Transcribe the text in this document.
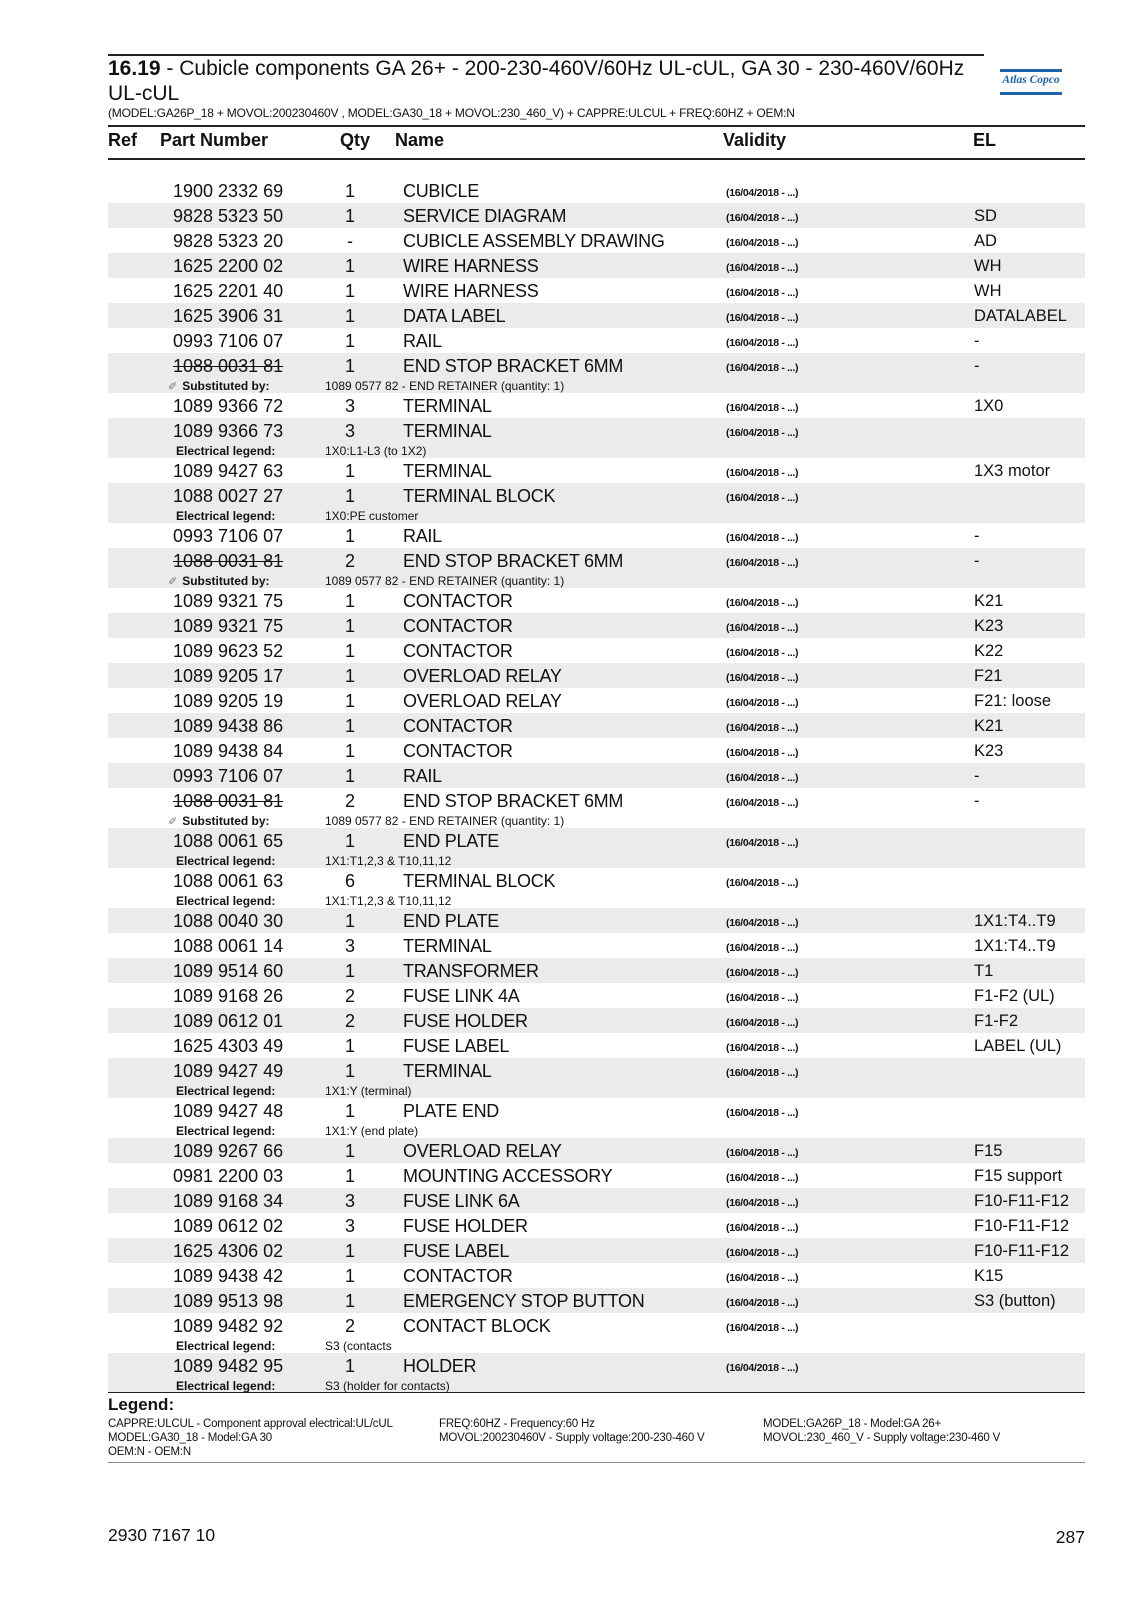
16.19 - Cubicle components GA 26+ - 200-230-460V/60Hz UL-cUL, GA 30 - 230-460V/60Hz UL-cUL
(MODEL:GA26P_18 + MOVOL:200230460V , MODEL:GA30_18 + MOVOL:230_460_V) + CAPPRE:ULCUL + FREQ:60HZ + OEM:N
Atlas Copco
Ref Part Number	Qty Name	Validity	EL
1900 2332 69	1	CUBICLE	(16/04/2018 - ...)
9828 5323 50	1	SERVICE DIAGRAM	(16/04/2018 - ...)	SD
9828 5323 20	-	CUBICLE ASSEMBLY DRAWING	(16/04/2018 - ...)	AD
1625 2200 02	1	WIRE HARNESS	(16/04/2018 - ...)	WH
1625 2201 40	1	WIRE HARNESS	(16/04/2018 - ...)	WH
1625 3906 31	1	DATA LABEL	(16/04/2018 - ...)	DATALABEL
0993 7106 07	1	RAIL	(16/04/2018 - ...)	-
1088 0031 81	1	END STOP BRACKET 6MM	(16/04/2018 - ...)	-
✐ Substituted by:	1089 0577 82 - END RETAINER (quantity: 1)
1089 9366 72	3	TERMINAL	(16/04/2018 - ...)	1X0
1089 9366 73	3	TERMINAL	(16/04/2018 - ...)
Electrical legend:	1X0:L1-L3 (to 1X2)
1089 9427 63	1	TERMINAL	(16/04/2018 - ...)	1X3 motor
1088 0027 27	1	TERMINAL BLOCK	(16/04/2018 - ...)
Electrical legend:	1X0:PE customer
0993 7106 07	1	RAIL	(16/04/2018 - ...)	-
1088 0031 81	2	END STOP BRACKET 6MM	(16/04/2018 - ...)	-
✐ Substituted by:	1089 0577 82 - END RETAINER (quantity: 1)
1089 9321 75	1	CONTACTOR	(16/04/2018 - ...)	K21
1089 9321 75	1	CONTACTOR	(16/04/2018 - ...)	K23
1089 9623 52	1	CONTACTOR	(16/04/2018 - ...)	K22
1089 9205 17	1	OVERLOAD RELAY	(16/04/2018 - ...)	F21
1089 9205 19	1	OVERLOAD RELAY	(16/04/2018 - ...)	F21: loose
1089 9438 86	1	CONTACTOR	(16/04/2018 - ...)	K21
1089 9438 84	1	CONTACTOR	(16/04/2018 - ...)	K23
0993 7106 07	1	RAIL	(16/04/2018 - ...)	-
1088 0031 81	2	END STOP BRACKET 6MM	(16/04/2018 - ...)	-
✐ Substituted by:	1089 0577 82 - END RETAINER (quantity: 1)
1088 0061 65	1	END PLATE	(16/04/2018 - ...)
Electrical legend:	1X1:T1,2,3 & T10,11,12
1088 0061 63	6	TERMINAL BLOCK	(16/04/2018 - ...)
Electrical legend:	1X1:T1,2,3 & T10,11,12
1088 0040 30	1	END PLATE	(16/04/2018 - ...)	1X1:T4..T9
1088 0061 14	3	TERMINAL	(16/04/2018 - ...)	1X1:T4..T9
1089 9514 60	1	TRANSFORMER	(16/04/2018 - ...)	T1
1089 9168 26	2	FUSE LINK 4A	(16/04/2018 - ...)	F1-F2 (UL)
1089 0612 01	2	FUSE HOLDER	(16/04/2018 - ...)	F1-F2
1625 4303 49	1	FUSE LABEL	(16/04/2018 - ...)	LABEL (UL)
1089 9427 49	1	TERMINAL	(16/04/2018 - ...)
Electrical legend:	1X1:Y (terminal)
1089 9427 48	1	PLATE END	(16/04/2018 - ...)
Electrical legend:	1X1:Y (end plate)
1089 9267 66	1	OVERLOAD RELAY	(16/04/2018 - ...)	F15
0981 2200 03	1	MOUNTING ACCESSORY	(16/04/2018 - ...)	F15 support
1089 9168 34	3	FUSE LINK 6A	(16/04/2018 - ...)	F10-F11-F12
1089 0612 02	3	FUSE HOLDER	(16/04/2018 - ...)	F10-F11-F12
1625 4306 02	1	FUSE LABEL	(16/04/2018 - ...)	F10-F11-F12
1089 9438 42	1	CONTACTOR	(16/04/2018 - ...)	K15
1089 9513 98	1	EMERGENCY STOP BUTTON	(16/04/2018 - ...)	S3 (button)
1089 9482 92	2	CONTACT BLOCK	(16/04/2018 - ...)
Electrical legend:	S3 (contacts
1089 9482 95	1	HOLDER	(16/04/2018 - ...)
Electrical legend:	S3 (holder for contacts)
Legend:
CAPPRE:ULCUL - Component approval electrical:UL/cUL
MODEL:GA30_18 - Model:GA 30
OEM:N - OEM:N
FREQ:60HZ - Frequency:60 Hz
MOVOL:200230460V - Supply voltage:200-230-460 V
MODEL:GA26P_18 - Model:GA 26+
MOVOL:230_460_V - Supply voltage:230-460 V
2930 7167 10	287
